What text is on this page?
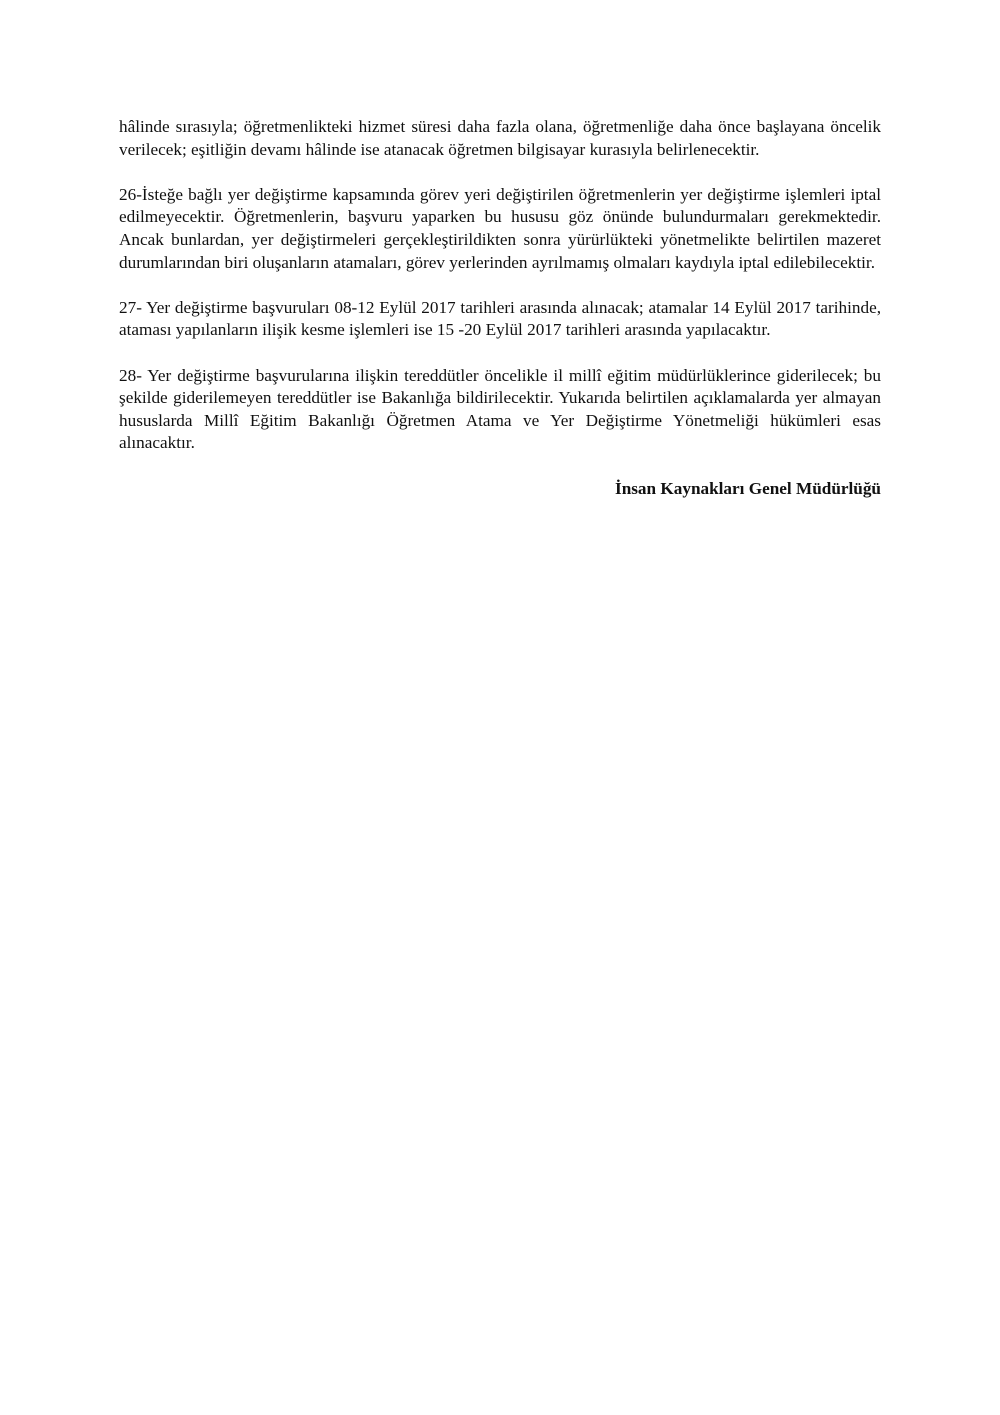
hâlinde sırasıyla; öğretmenlikteki hizmet süresi daha fazla olana, öğretmenliğe daha önce başlayana öncelik verilecek; eşitliğin devamı hâlinde ise atanacak öğretmen bilgisayar kurasıyla belirlenecektir.

26-İsteğe bağlı yer değiştirme kapsamında görev yeri değiştirilen öğretmenlerin yer değiştirme işlemleri iptal edilmeyecektir. Öğretmenlerin, başvuru yaparken bu hususu göz önünde bulundurmaları gerekmektedir. Ancak bunlardan, yer değiştirmeleri gerçekleştirildikten sonra yürürlükteki yönetmelikte belirtilen mazeret durumlarından biri oluşanların atamaları, görev yerlerinden ayrılmamış olmaları kaydıyla iptal edilebilecektir.

27- Yer değiştirme başvuruları 08-12 Eylül 2017 tarihleri arasında alınacak; atamalar 14 Eylül 2017 tarihinde, ataması yapılanların ilişik kesme işlemleri ise 15 -20 Eylül 2017 tarihleri arasında yapılacaktır.

28- Yer değiştirme başvurularına ilişkin tereddütler öncelikle il millî eğitim müdürlüklerince giderilecek; bu şekilde giderilemeyen tereddütler ise Bakanlığa bildirilecektir. Yukarıda belirtilen açıklamalarda yer almayan hususlarda Millî Eğitim Bakanlığı Öğretmen Atama ve Yer Değiştirme Yönetmeliği hükümleri esas alınacaktır.

İnsan Kaynakları Genel Müdürlüğü
